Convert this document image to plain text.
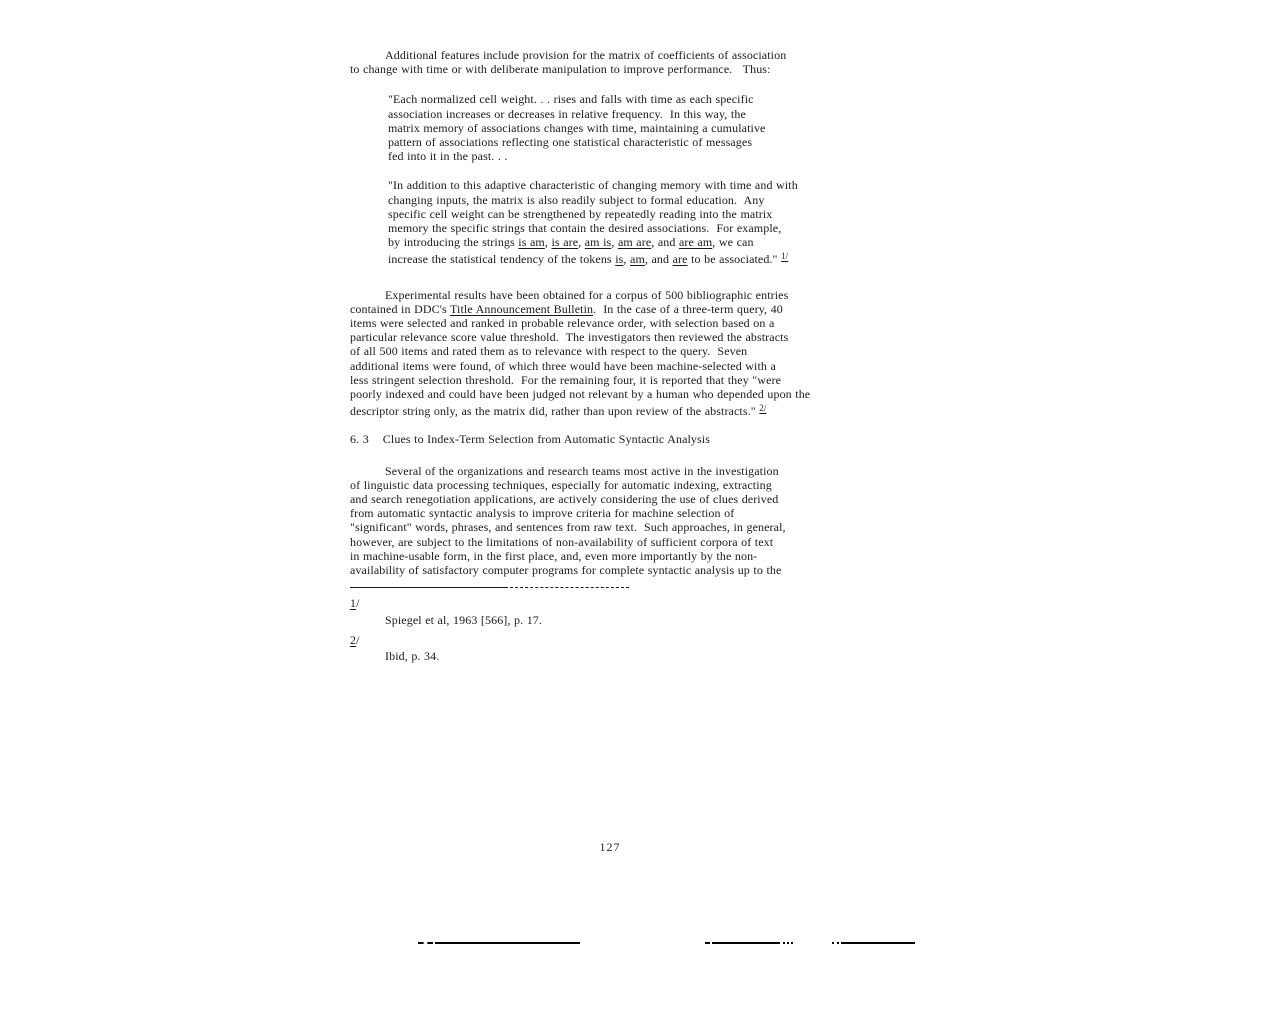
Additional features include provision for the matrix of coefficients of association
to change with time or with deliberate manipulation to improve performance.   Thus:
"Each normalized cell weight. . . rises and falls with time as each specific
association increases or decreases in relative frequency.  In this way, the
matrix memory of associations changes with time, maintaining a cumulative
pattern of associations reflecting one statistical characteristic of messages
fed into it in the past. . .
"In addition to this adaptive characteristic of changing memory with time and with
changing inputs, the matrix is also readily subject to formal education.  Any
specific cell weight can be strengthened by repeatedly reading into the matrix
memory the specific strings that contain the desired associations.  For example,
by introducing the strings is am, is are, am is, am are, and are am, we can
increase the statistical tendency of the tokens is, am, and are to be associated." $^{1/}$
Experimental results have been obtained for a corpus of 500 bibliographic entries
contained in DDC's Title Announcement Bulletin.  In the case of a three-term query, 40
items were selected and ranked in probable relevance order, with selection based on a
particular relevance score value threshold.  The investigators then reviewed the abstracts
of all 500 items and rated them as to relevance with respect to the query.  Seven
additional items were found, of which three would have been machine-selected with a
less stringent selection threshold.  For the remaining four, it is reported that they "were
poorly indexed and could have been judged not relevant by a human who depended upon the
descriptor string only, as the matrix did, rather than upon review of the abstracts." $^{2/}$
6. 3    Clues to Index-Term Selection from Automatic Syntactic Analysis
Several of the organizations and research teams most active in the investigation
of linguistic data processing techniques, especially for automatic indexing, extracting
and search renegotiation applications, are actively considering the use of clues derived
from automatic syntactic analysis to improve criteria for machine selection of
"significant" words, phrases, and sentences from raw text.  Such approaches, in general,
however, are subject to the limitations of non-availability of sufficient corpora of text
in machine-usable form, in the first place, and, even more importantly by the non-
availability of satisfactory computer programs for complete syntactic analysis up to the
1/
Spiegel et al, 1963 [566], p. 17.
2/
Ibid, p. 34.
127
